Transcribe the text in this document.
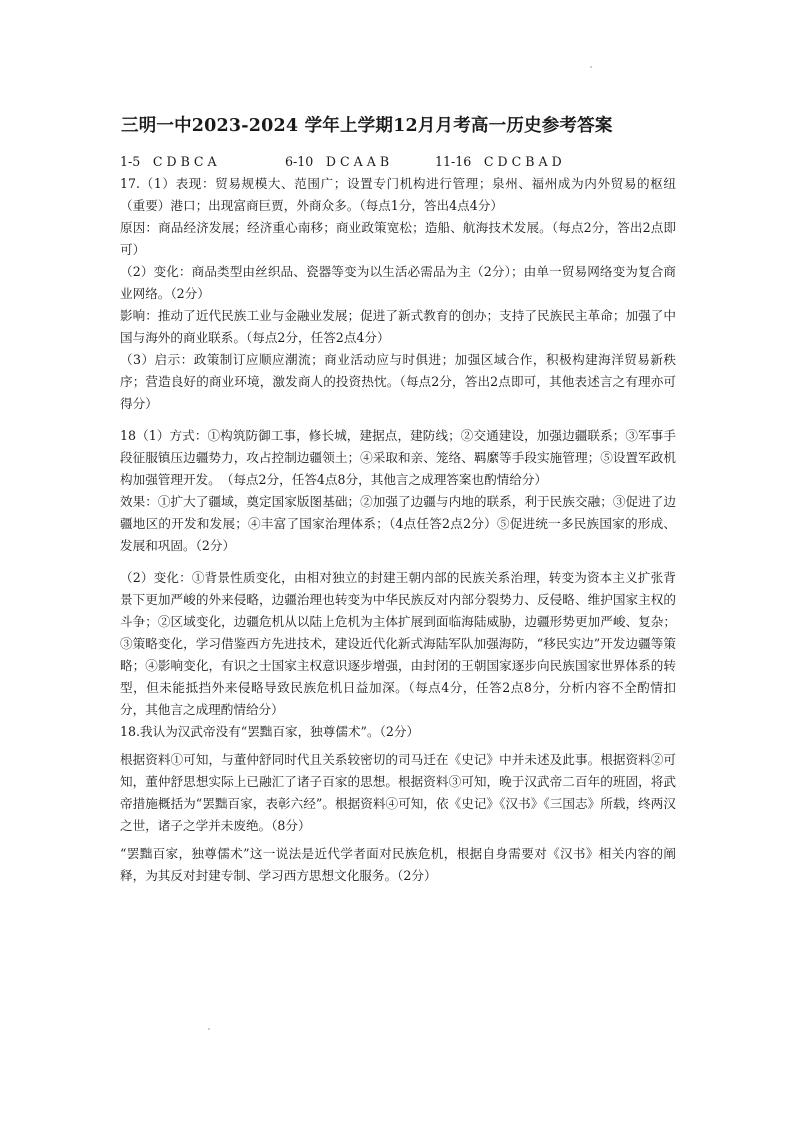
三明一中2023-2024 学年上学期12月月考高一历史参考答案
1-5　C D B C A	6-10　D C A A B	11-16　C D C B A D

17.（1）表现：贸易规模大、范围广；设置专门机构进行管理；泉州、福州成为内外贸易的枢纽（重要）港口；出现富商巨贾，外商众多。（每点1分，答出4点4分）

原因：商品经济发展；经济重心南移；商业政策宽松；造船、航海技术发展。（每点2分，答出2点即可）

（2）变化：商品类型由丝织品、瓷器等变为以生活必需品为主（2分）；由单一贸易网络变为复合商业网络。（2分）

影响：推动了近代民族工业与金融业发展；促进了新式教育的创办；支持了民族民主革命；加强了中国与海外的商业联系。（每点2分，任答2点4分）

（3）启示：政策制订应顺应潮流；商业活动应与时俱进；加强区域合作，积极构建海洋贸易新秩序；营造良好的商业环境，激发商人的投资热忱。（每点2分，答出2点即可，其他表述言之有理亦可得分）

18（1）方式：①构筑防御工事，修长城，建据点，建防线；②交通建设，加强边疆联系；③军事手段征服镇压边疆势力，攻占控制边疆领土；④采取和亲、笼络、羁縻等手段实施管理；⑤设置军政机构加强管理开发。　（每点2分，任答4点8分，其他言之成理答案也酌情给分）

效果：①扩大了疆域，奠定国家版图基础；②加强了边疆与内地的联系，利于民族交融；③促进了边疆地区的开发和发展；④丰富了国家治理体系；（4点任答2点2分）⑤促进统一多民族国家的形成、发展和巩固。（2分）

（2）变化：①背景性质变化，由相对独立的封建王朝内部的民族关系治理，转变为资本主义扩张背景下更加严峻的外来侵略，边疆治理也转变为中华民族反对内部分裂势力、反侵略、维护国家主权的斗争；②区域变化，边疆危机从以陆上危机为主体扩展到面临海陆威胁，边疆形势更加严峻、复杂；③策略变化，学习借鉴西方先进技术，建设近代化新式海陆军队加强海防，“移民实边”开发边疆等策略；④影响变化，有识之士国家主权意识逐步增强，由封闭的王朝国家逐步向民族国家世界体系的转型，但未能抵挡外来侵略导致民族危机日益加深。（每点4分，任答2点8分，分析内容不全酌情扣分，其他言之成理酌情给分）

18.我认为汉武帝没有“罢黜百家，独尊儒术”。（2分）

根据资料①可知，与董仲舒同时代且关系较密切的司马迁在《史记》中并未述及此事。根据资料②可知，董仲舒思想实际上已融汇了诸子百家的思想。根据资料③可知，晚于汉武帝二百年的班固，将武帝措施概括为“罢黜百家，表彰六经”。根据资料④可知，依《史记》《汉书》《三国志》所载，终两汉之世，诸子之学并未废绝。（8分）

“罢黜百家，独尊儒术”这一说法是近代学者面对民族危机，根据自身需要对《汉书》相关内容的阐释，为其反对封建专制、学习西方思想文化服务。（2分）
